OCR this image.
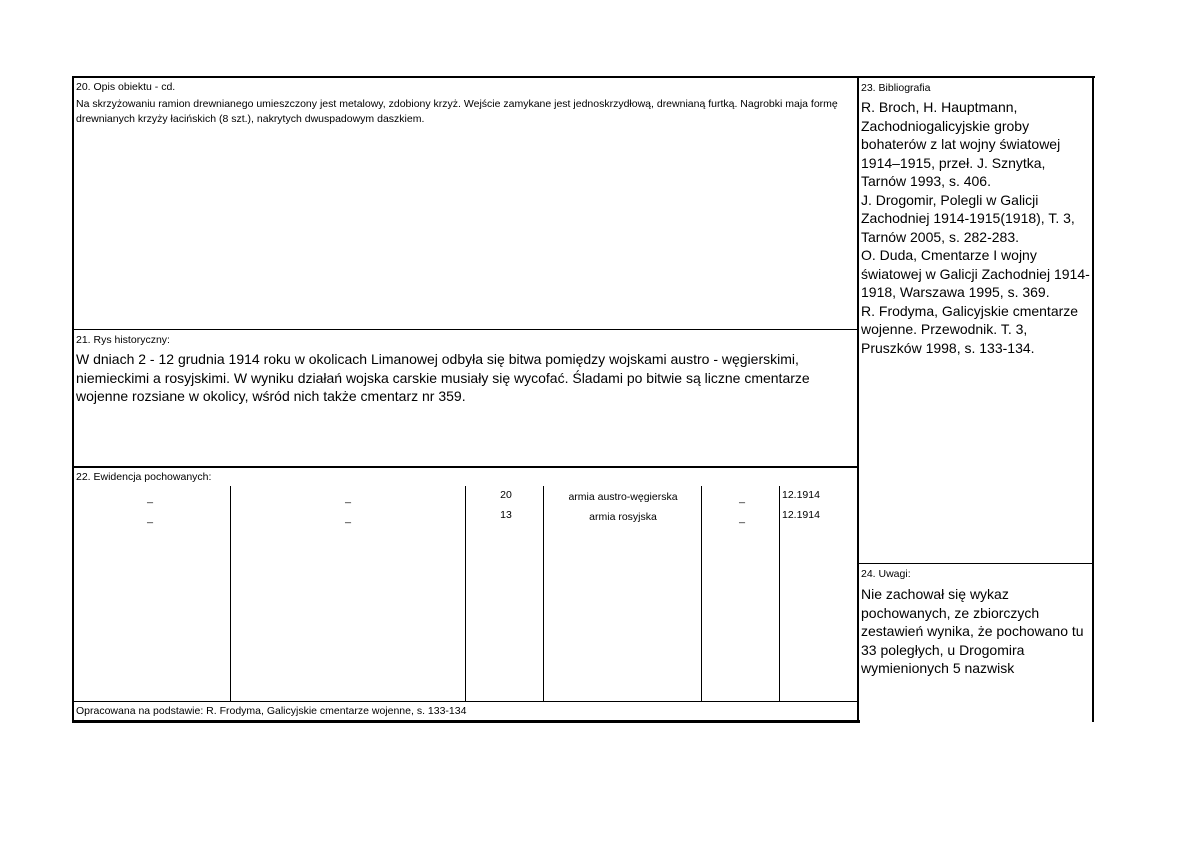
20. Opis obiektu - cd.
Na skrzyżowaniu ramion drewnianego umieszczony jest metalowy, zdobiony krzyż. Wejście zamykane jest jednoskrzydłową, drewnianą furtką. Nagrobki maja formę drewnianych krzyży łacińskich (8 szt.), nakrytych dwuspadowym daszkiem.
21. Rys historyczny:
W dniach 2 - 12 grudnia 1914 roku w okolicach Limanowej odbyła się bitwa pomiędzy wojskami austro - węgierskimi, niemieckimi a rosyjskimi. W wyniku działań wojska carskie musiały się wycofać. Śladami po bitwie są liczne cmentarze wojenne rozsiane w okolicy, wśród nich także cmentarz nr 359.
22. Ewidencja pochowanych:
_	_	20	armia austro-węgierska	_	12.1914
_	_	13	armia rosyjska	_	12.1914
Opracowana na podstawie: R. Frodyma, Galicyjskie cmentarze wojenne, s. 133-134
23. Bibliografia
R. Broch, H. Hauptmann,
Zachodniogalicyjskie groby
bohaterów z lat wojny światowej
1914–1915, przeł. J. Sznytka,
Tarnów 1993, s. 406.
J. Drogomir, Polegli w Galicji
Zachodniej 1914-1915(1918), T. 3,
Tarnów 2005, s. 282-283.
O. Duda, Cmentarze I wojny
światowej w Galicji Zachodniej 1914-
1918, Warszawa 1995, s. 369.
R. Frodyma, Galicyjskie cmentarze
wojenne. Przewodnik. T. 3,
Pruszków 1998, s. 133-134.
24. Uwagi:
Nie zachował się wykaz
pochowanych, ze zbiorczych
zestawień wynika, że pochowano tu
33 poległych, u Drogomira
wymienionych 5 nazwisk
